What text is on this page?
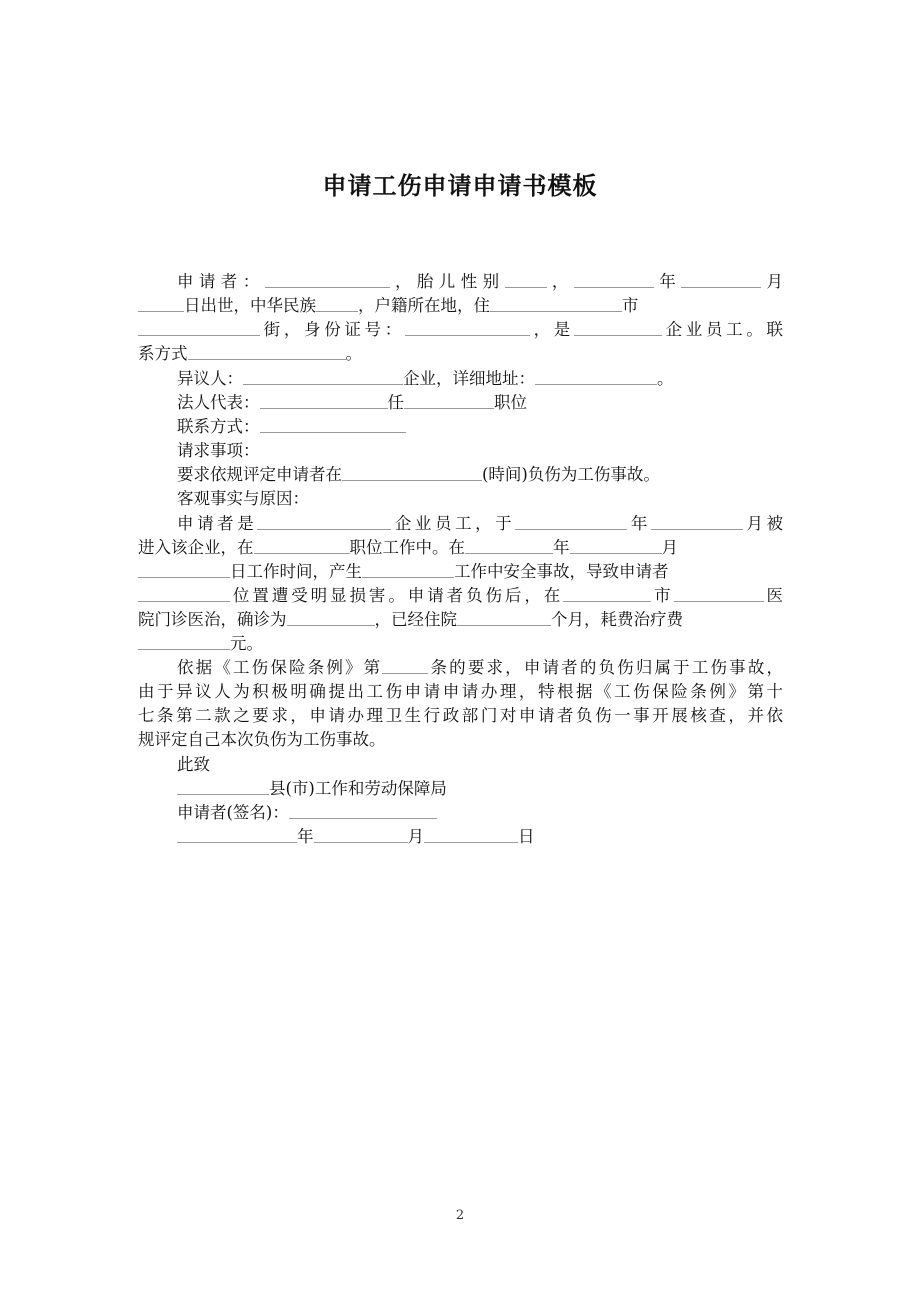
申请工伤申请申请书模板
申请者：	，胎儿性别	，	年	月
日出世，中华民族	，户籍所在地，住	市
街，身份证号：	，是	企业员工。联
系方式	。
异议人：	企业，详细地址：	。
法人代表：	任	职位
联系方式：
请求事项：
要求依规评定申请者在	(時间)负伤为工伤事故。
客观事实与原因：
申请者是	企业员工，于	年	月被
进入该企业，在	职位工作中。在	年	月
日工作时间，产生	工作中安全事故，导致申请者
位置遭受明显损害。申请者负伤后，在	市	医
院门诊医治，确诊为	，已经住院	个月，耗费治疗费
元。
依据《工伤保险条例》第	条的要求，申请者的负伤归属于工伤事故，
由于异议人为积极明确提出工伤申请申请办理，特根据《工伤保险条例》第十
七条第二款之要求，申请办理卫生行政部门对申请者负伤一事开展核查，并依
规评定自己本次负伤为工伤事故。
此致
县(市)工作和劳动保障局
申请者(签名)：
年	月	日
2
